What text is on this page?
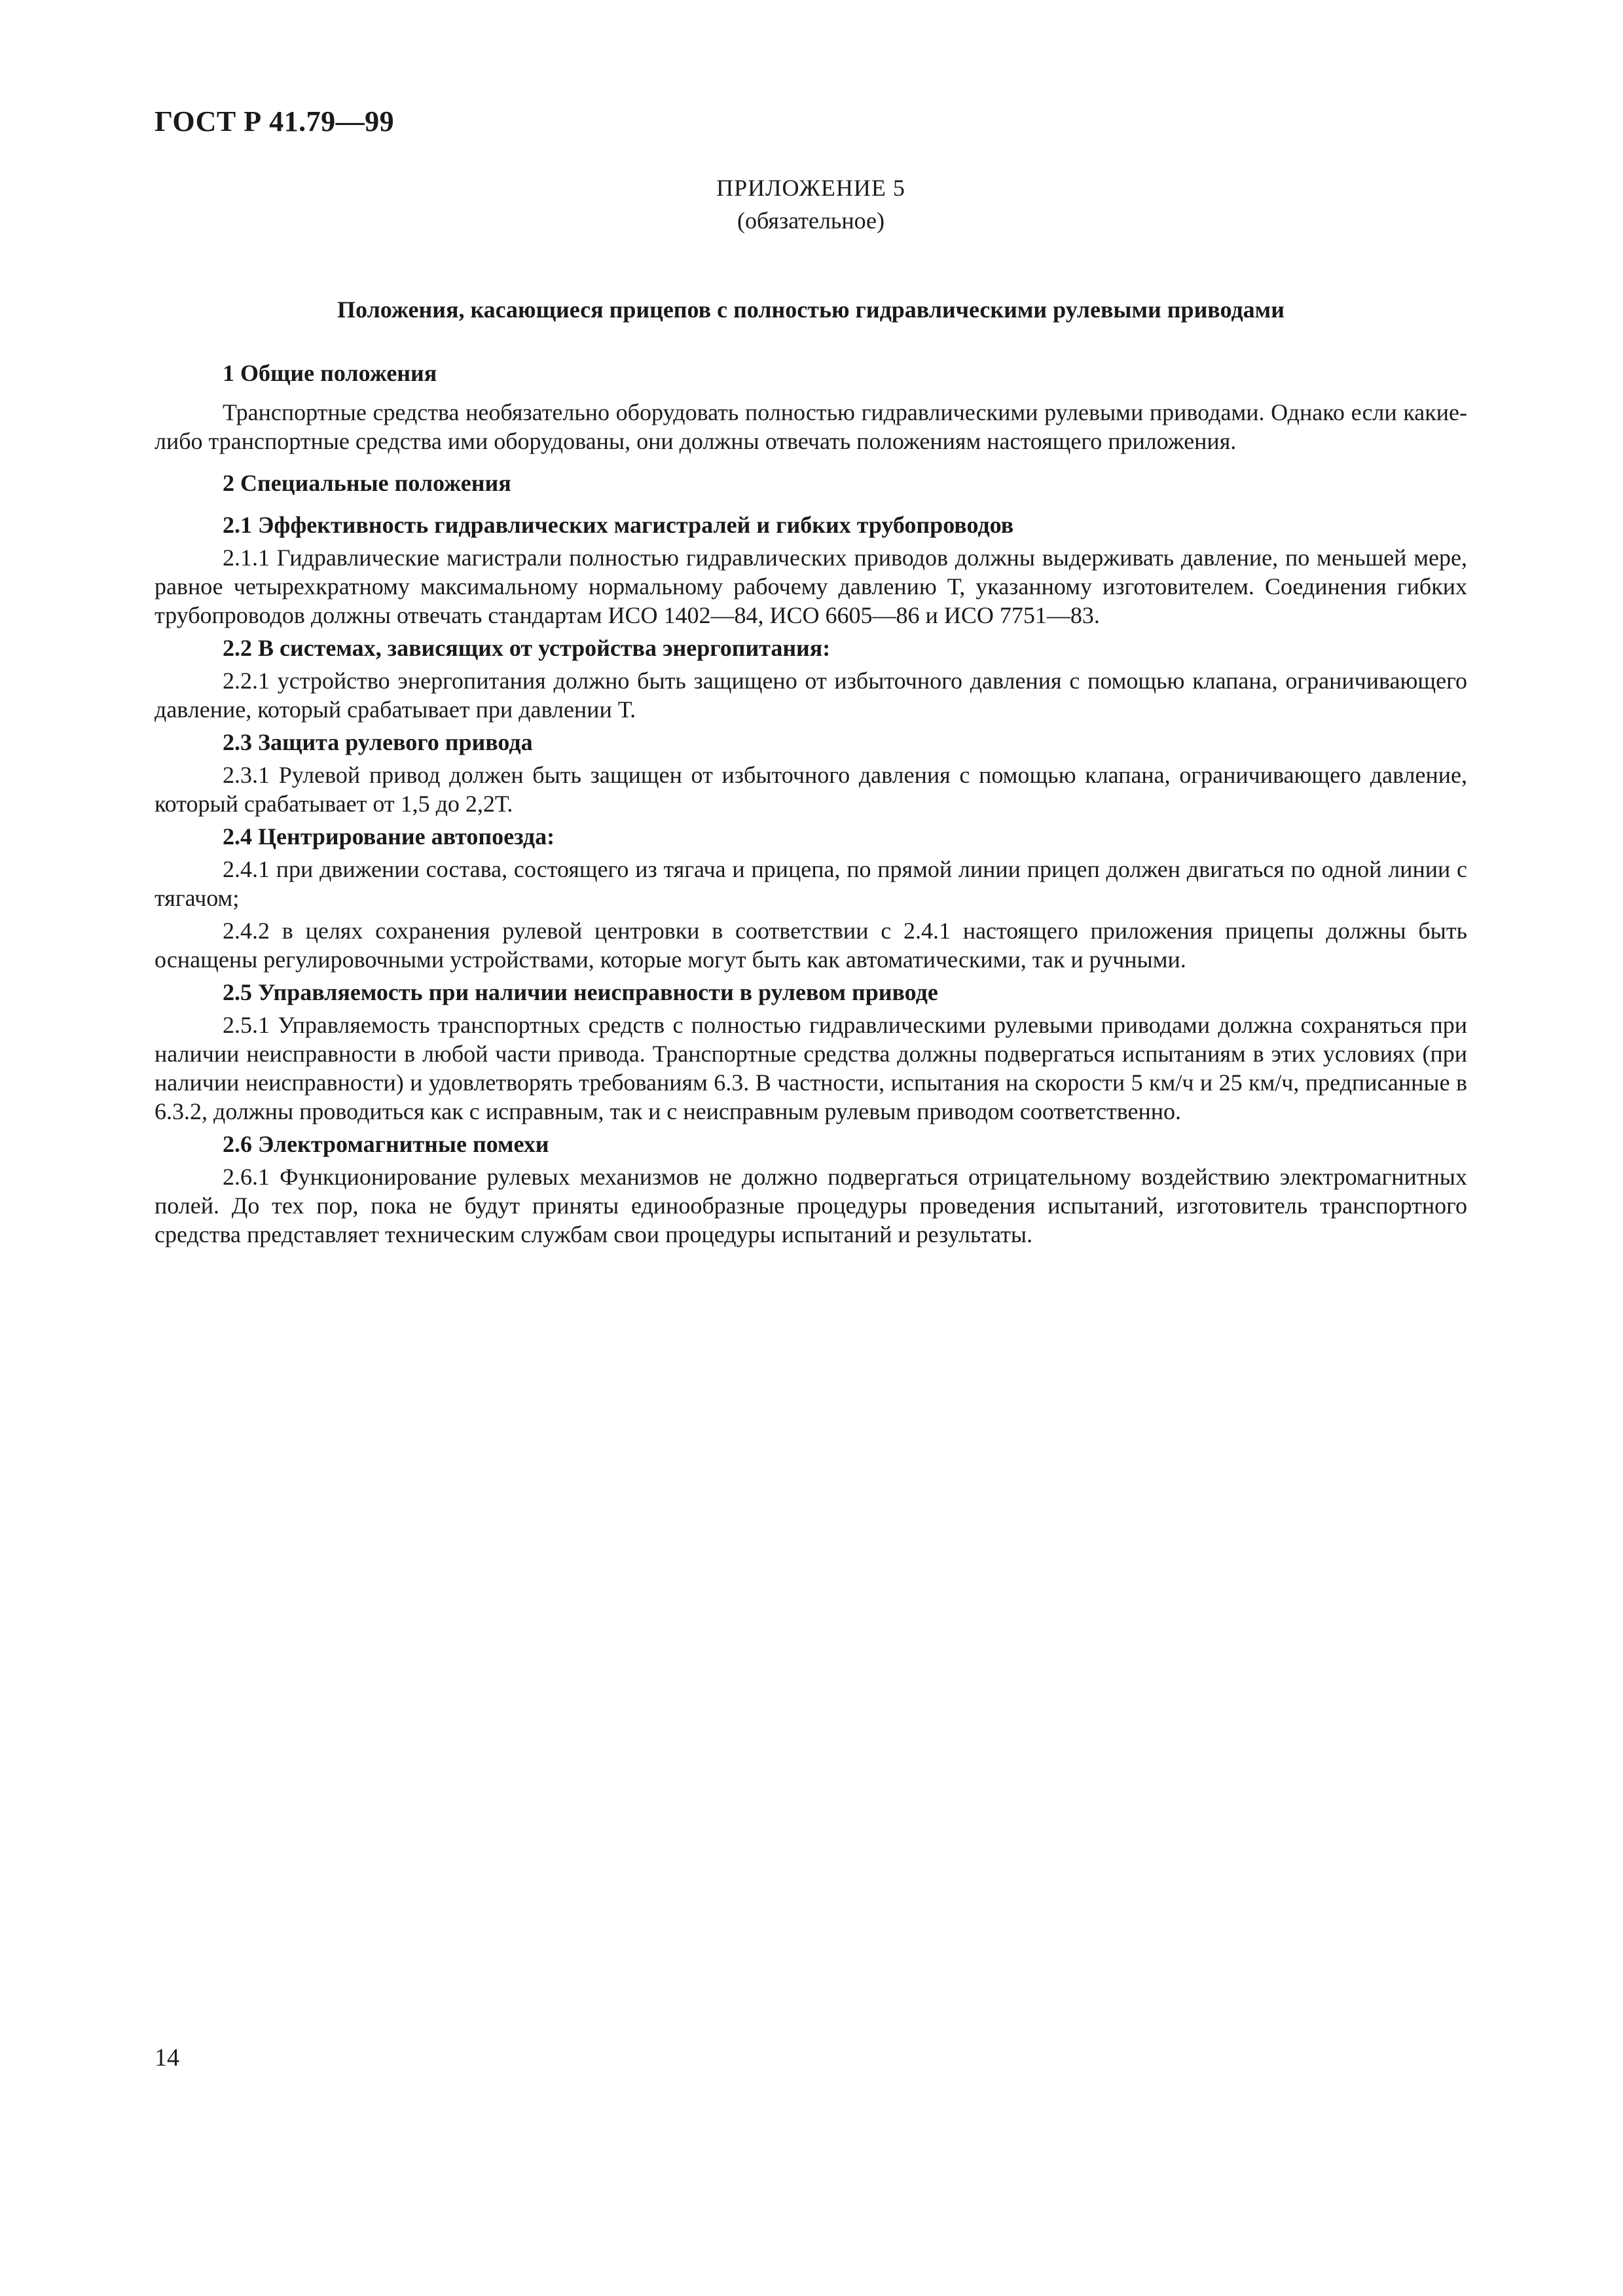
ГОСТ Р 41.79—99
ПРИЛОЖЕНИЕ 5
(обязательное)
Положения, касающиеся прицепов с полностью гидравлическими рулевыми приводами

1 Общие положения

Транспортные средства необязательно оборудовать полностью гидравлическими рулевыми приводами. Однако если какие-либо транспортные средства ими оборудованы, они должны отвечать положениям настоящего приложения.

2 Специальные положения

2.1 Эффективность гидравлических магистралей и гибких трубопроводов

2.1.1 Гидравлические магистрали полностью гидравлических приводов должны выдерживать давление, по меньшей мере, равное четырехкратному максимальному нормальному рабочему давлению Т, указанному изготовителем. Соединения гибких трубопроводов должны отвечать стандартам ИСО 1402—84, ИСО 6605—86 и ИСО 7751—83.

2.2 В системах, зависящих от устройства энергопитания:

2.2.1 устройство энергопитания должно быть защищено от избыточного давления с помощью клапана, ограничивающего давление, который срабатывает при давлении Т.

2.3 Защита рулевого привода

2.3.1 Рулевой привод должен быть защищен от избыточного давления с помощью клапана, ограничивающего давление, который срабатывает от 1,5 до 2,2Т.

2.4 Центрирование автопоезда:

2.4.1 при движении состава, состоящего из тягача и прицепа, по прямой линии прицеп должен двигаться по одной линии с тягачом;

2.4.2 в целях сохранения рулевой центровки в соответствии с 2.4.1 настоящего приложения прицепы должны быть оснащены регулировочными устройствами, которые могут быть как автоматическими, так и ручными.

2.5 Управляемость при наличии неисправности в рулевом приводе

2.5.1 Управляемость транспортных средств с полностью гидравлическими рулевыми приводами должна сохраняться при наличии неисправности в любой части привода. Транспортные средства должны подвергаться испытаниям в этих условиях (при наличии неисправности) и удовлетворять требованиям 6.3. В частности, испытания на скорости 5 км/ч и 25 км/ч, предписанные в 6.3.2, должны проводиться как с исправным, так и с неисправным рулевым приводом соответственно.

2.6 Электромагнитные помехи

2.6.1 Функционирование рулевых механизмов не должно подвергаться отрицательному воздействию электромагнитных полей. До тех пор, пока не будут приняты единообразные процедуры проведения испытаний, изготовитель транспортного средства представляет техническим службам свои процедуры испытаний и результаты.

14
